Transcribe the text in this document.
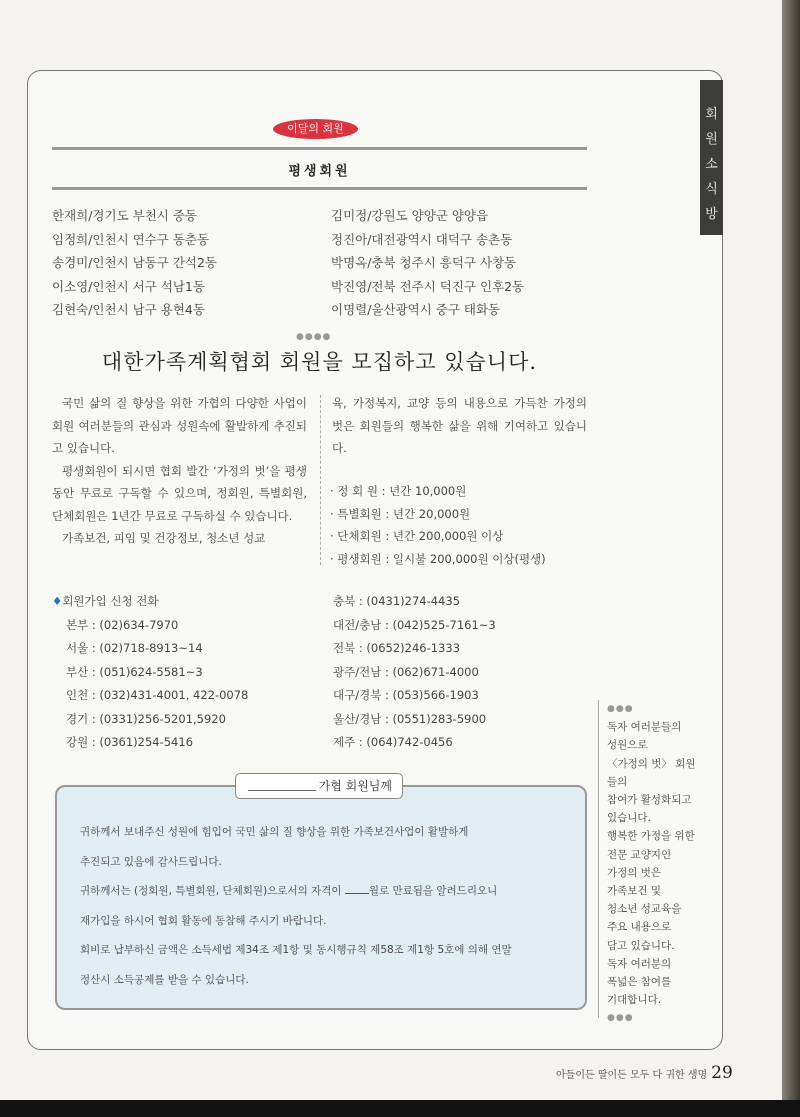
회
원
소
식
방
이달의 회원
평생회원
한재희/경기도 부천시 중동
임정희/인천시 연수구 동춘동
송경미/인천시 남동구 간석2동
이소영/인천시 서구 석남1동
김현숙/인천시 남구 용현4동
김미정/강원도 양양군 양양읍
정진아/대전광역시 대덕구 송촌동
박명옥/충북 청주시 흥덕구 사창동
박진영/전북 전주시 덕진구 인후2동
이명렬/울산광역시 중구 태화동
●●●●
대한가족계획협회 회원을 모집하고 있습니다.

국민 삶의 질 향상을 위한 가협의 다양한 사업이 회원 여러분들의 관심과 성원속에 활발하게 추진되고 있습니다.

평생회원이 되시면 협회 발간 ‘가정의 벗’을 평생동안 무료로 구독할 수 있으며, 정회원, 특별회원, 단체회원은 1년간 무료로 구독하실 수 있습니다.

가족보건, 피임 및 건강정보, 청소년 성교

육, 가정복지, 교양 등의 내용으로 가득찬 가정의 벗은 회원들의 행복한 삶을 위해 기여하고 있습니다.
· 정 회 원 : 년간 10,000원
· 특별회원 : 년간 20,000원
· 단체회원 : 년간 200,000원 이상
· 평생회원 : 일시불 200,000원 이상(평생)
♦회원가입 신청 전화
본부 : (02)634-7970
서울 : (02)718-8913~14
부산 : (051)624-5581~3
인천 : (032)431-4001, 422-0078
경기 : (0331)256-5201,5920
강원 : (0361)254-5416
충북 : (0431)274-4435
대전/충남 : (042)525-7161~3
전북 : (0652)246-1333
광주/전남 : (062)671-4000
대구/경북 : (053)566-1903
울산/경남 : (0551)283-5900
제주 : (064)742-0456
가협 회원님께
귀하께서 보내주신 성원에 힘입어 국민 삶의 질 향상을 위한 가족보건사업이 활발하게
추진되고 있음에 감사드립니다.
귀하께서는 (정회원, 특별회원, 단체회원)으로서의 자격이 월로 만료됨을 알려드리오니
재가입을 하시어 협회 활동에 동참해 주시기 바랍니다.
회비로 납부하신 금액은 소득세법 제34조 제1항 및 동시행규칙 제58조 제1항 5호에 의해 연말
정산시 소득공제를 받을 수 있습니다.
●●●
독자 여러분들의
성원으로
〈가정의 벗〉 회원들의
참여가 활성화되고
있습니다.
행복한 가정을 위한
전문 교양지인
가정의 벗은
가족보건 및
청소년 성교육을
주요 내용으로
담고 있습니다.
독자 여러분의
폭넓은 참여를
기대합니다.
●●●
아들이든 딸이든 모두 다 귀한 생명 29
